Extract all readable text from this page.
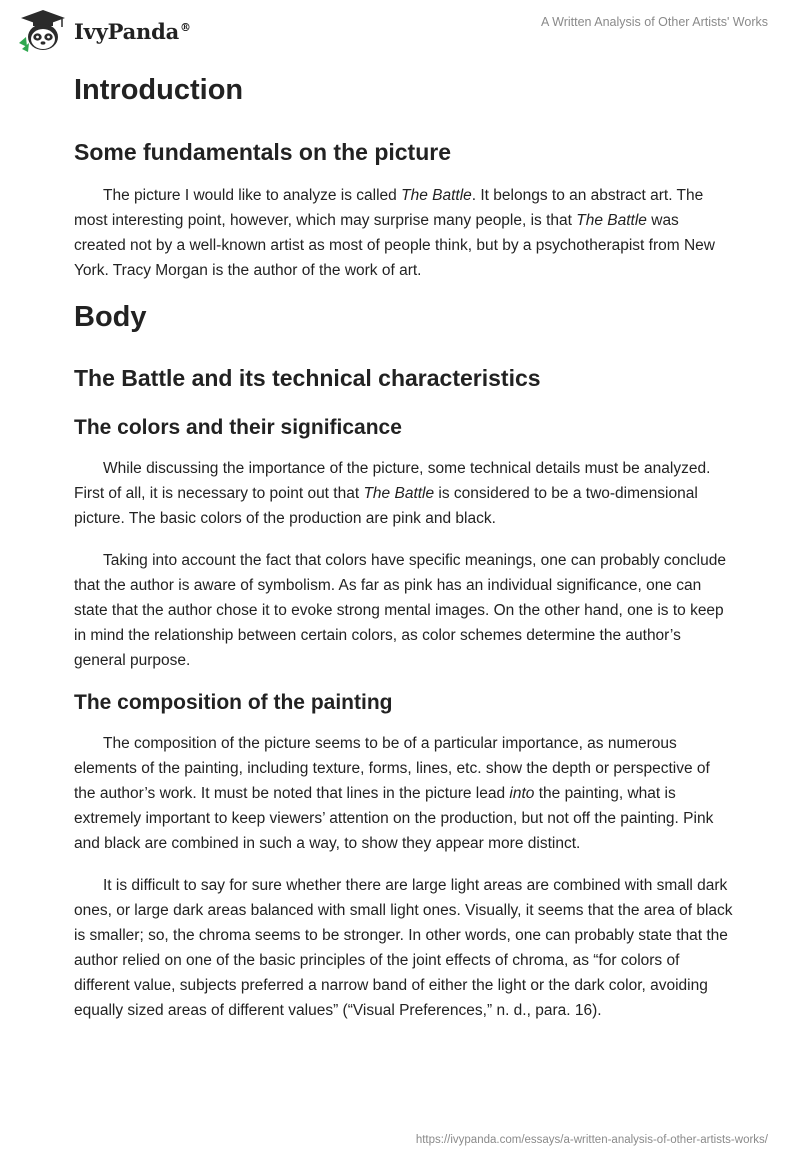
IvyPanda®	A Written Analysis of Other Artists' Works
Introduction
Some fundamentals on the picture

The picture I would like to analyze is called The Battle. It belongs to an abstract art. The most interesting point, however, which may surprise many people, is that The Battle was created not by a well-known artist as most of people think, but by a psychotherapist from New York. Tracy Morgan is the author of the work of art.

Body
The Battle and its technical characteristics
The colors and their significance

While discussing the importance of the picture, some technical details must be analyzed. First of all, it is necessary to point out that The Battle is considered to be a two-dimensional picture. The basic colors of the production are pink and black.

Taking into account the fact that colors have specific meanings, one can probably conclude that the author is aware of symbolism. As far as pink has an individual significance, one can state that the author chose it to evoke strong mental images. On the other hand, one is to keep in mind the relationship between certain colors, as color schemes determine the author’s general purpose.

The composition of the painting

The composition of the picture seems to be of a particular importance, as numerous elements of the painting, including texture, forms, lines, etc. show the depth or perspective of the author’s work. It must be noted that lines in the picture lead into the painting, what is extremely important to keep viewers’ attention on the production, but not off the painting. Pink and black are combined in such a way, to show they appear more distinct.

It is difficult to say for sure whether there are large light areas are combined with small dark ones, or large dark areas balanced with small light ones. Visually, it seems that the area of black is smaller; so, the chroma seems to be stronger. In other words, one can probably state that the author relied on one of the basic principles of the joint effects of chroma, as “for colors of different value, subjects preferred a narrow band of either the light or the dark color, avoiding equally sized areas of different values” (“Visual Preferences,” n. d., para. 16).

https://ivypanda.com/essays/a-written-analysis-of-other-artists-works/
